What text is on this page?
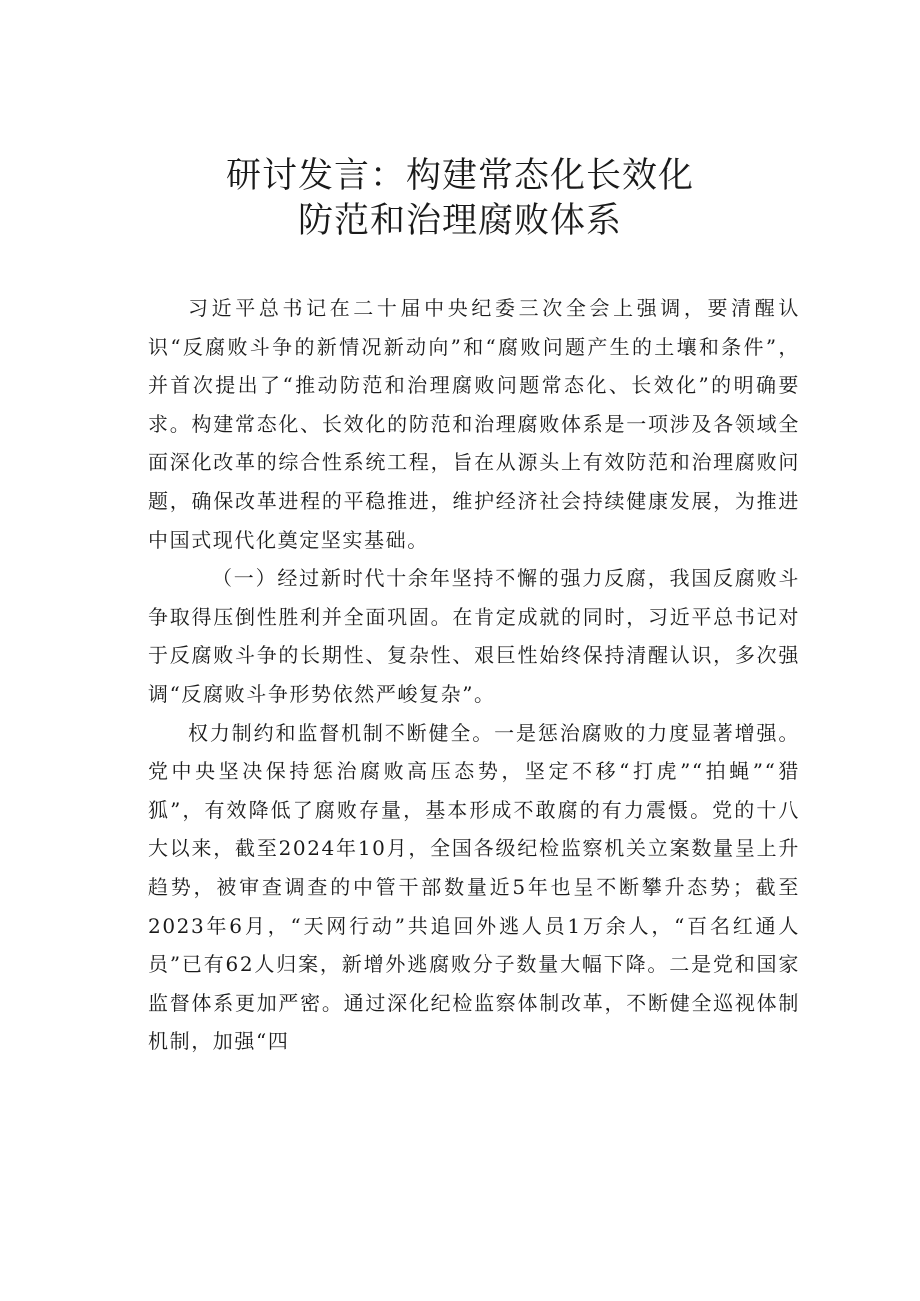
研讨发言：构建常态化长效化
防范和治理腐败体系

习近平总书记在二十届中央纪委三次全会上强调，要清醒认识“反腐败斗争的新情况新动向”和“腐败问题产生的土壤和条件”，并首次提出了“推动防范和治理腐败问题常态化、长效化”的明确要求。构建常态化、长效化的防范和治理腐败体系是一项涉及各领域全面深化改革的综合性系统工程，旨在从源头上有效防范和治理腐败问题，确保改革进程的平稳推进，维护经济社会持续健康发展，为推进中国式现代化奠定坚实基础。

（一）经过新时代十余年坚持不懈的强力反腐，我国反腐败斗争取得压倒性胜利并全面巩固。在肯定成就的同时，习近平总书记对于反腐败斗争的长期性、复杂性、艰巨性始终保持清醒认识，多次强调“反腐败斗争形势依然严峻复杂”。

权力制约和监督机制不断健全。一是惩治腐败的力度显著增强。党中央坚决保持惩治腐败高压态势，坚定不移“打虎”“拍蝇”“猎狐”，有效降低了腐败存量，基本形成不敢腐的有力震慑。党的十八大以来，截至2024年10月，全国各级纪检监察机关立案数量呈上升趋势，被审查调查的中管干部数量近5年也呈不断攀升态势；截至2023年6月，“天网行动”共追回外逃人员1万余人，“百名红通人员”已有62人归案，新增外逃腐败分子数量大幅下降。二是党和国家监督体系更加严密。通过深化纪检监察体制改革，不断健全巡视体制机制，加强“四
